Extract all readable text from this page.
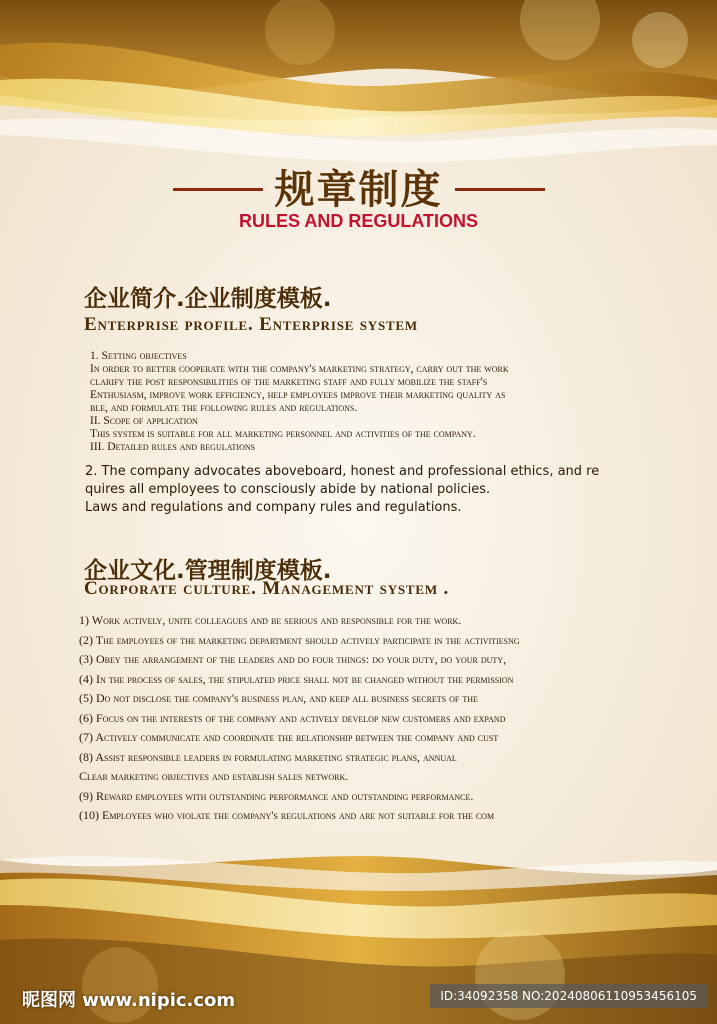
规章制度
RULES AND REGULATIONS
企业简介.企业制度模板.
Enterprise profile. Enterprise system
1. Setting objectives
In order to better cooperate with the company's marketing strategy, carry out the work
clarify the post responsibilities of the marketing staff and fully mobilize the staff's
Enthusiasm, improve work efficiency, help employees improve their marketing quality as
ble, and formulate the following rules and regulations.
II. Scope of application
This system is suitable for all marketing personnel and activities of the company.
III. Detailed rules and regulations
2. The company advocates aboveboard, honest and professional ethics, and re
quires all employees to consciously abide by national policies.
Laws and regulations and company rules and regulations.
企业文化.管理制度模板.
Corporate culture. Management system .
1) Work actively, unite colleagues and be serious and responsible for the work.
(2) The employees of the marketing department should actively participate in the activitiesng
(3) Obey the arrangement of the leaders and do four things: do your duty, do your duty,
(4) In the process of sales, the stipulated price shall not be changed without the permission
(5) Do not disclose the company's business plan, and keep all business secrets of the
(6) Focus on the interests of the company and actively develop new customers and expand
(7) Actively communicate and coordinate the relationship between the company and cust
(8) Assist responsible leaders in formulating marketing strategic plans, annual
Clear marketing objectives and establish sales network.
(9) Reward employees with outstanding performance and outstanding performance.
(10) Employees who violate the company's regulations and are not suitable for the com
昵图网 www.nipic.com	ID:34092358 NO:20240806110953456105
